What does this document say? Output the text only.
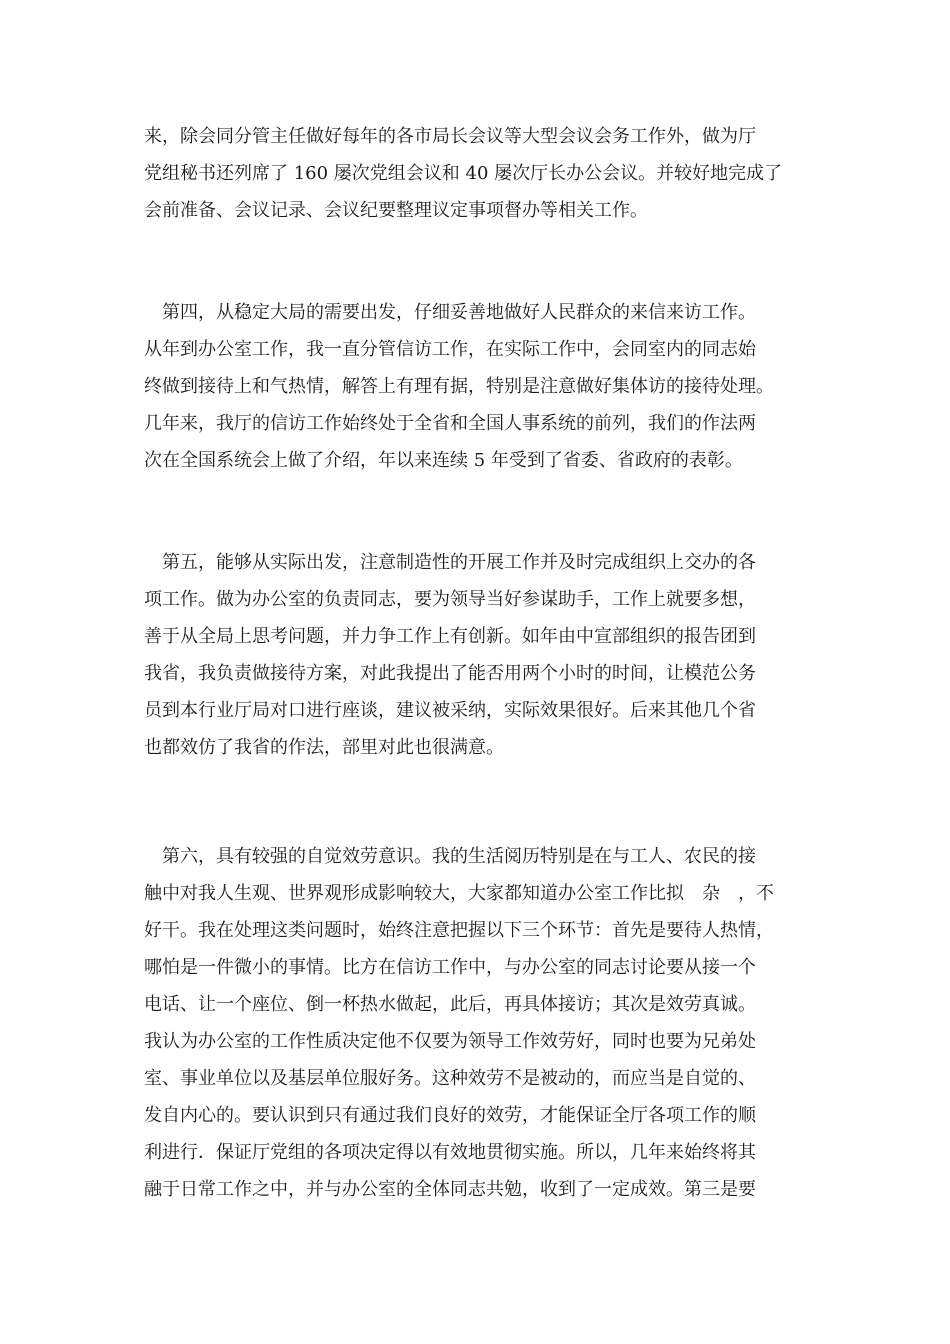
来，除会同分管主任做好每年的各市局长会议等大型会议会务工作外，做为厅
党组秘书还列席了 160 屡次党组会议和 40 屡次厅长办公会议。并较好地完成了
会前准备、会议记录、会议纪要整理议定事项督办等相关工作。
　第四，从稳定大局的需要出发，仔细妥善地做好人民群众的来信来访工作。
从年到办公室工作，我一直分管信访工作，在实际工作中，会同室内的同志始
终做到接待上和气热情，解答上有理有据，特别是注意做好集体访的接待处理。
几年来，我厅的信访工作始终处于全省和全国人事系统的前列，我们的作法两
次在全国系统会上做了介绍，年以来连续 5 年受到了省委、省政府的表彰。
　第五，能够从实际出发，注意制造性的开展工作并及时完成组织上交办的各
项工作。做为办公室的负责同志，要为领导当好参谋助手，工作上就要多想，
善于从全局上思考问题，并力争工作上有创新。如年由中宣部组织的报告团到
我省，我负责做接待方案，对此我提出了能否用两个小时的时间，让模范公务
员到本行业厅局对口进行座谈，建议被采纳，实际效果很好。后来其他几个省
也都效仿了我省的作法，部里对此也很满意。
　第六，具有较强的自觉效劳意识。我的生活阅历特别是在与工人、农民的接
触中对我人生观、世界观形成影响较大，大家都知道办公室工作比拟　杂　，不
好干。我在处理这类问题时，始终注意把握以下三个环节：首先是要待人热情，
哪怕是一件微小的事情。比方在信访工作中，与办公室的同志讨论要从接一个
电话、让一个座位、倒一杯热水做起，此后，再具体接访；其次是效劳真诚。
我认为办公室的工作性质决定他不仅要为领导工作效劳好，同时也要为兄弟处
室、事业单位以及基层单位服好务。这种效劳不是被动的，而应当是自觉的、
发自内心的。要认识到只有通过我们良好的效劳，才能保证全厅各项工作的顺
利进行．保证厅党组的各项决定得以有效地贯彻实施。所以，几年来始终将其
融于日常工作之中，并与办公室的全体同志共勉，收到了一定成效。第三是要
